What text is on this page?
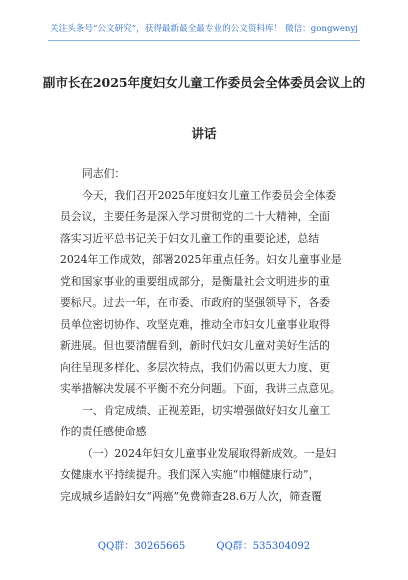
关注头条号“公文研究”，获得最新最全最专业的公文资料库！ 微信：gongwenyj
副市长在2025年度妇女儿童工作委员会全体委员会议上的
讲话
同志们：
今天，我们召开2025年度妇女儿童工作委员会全体委
员会议，主要任务是深入学习贯彻党的二十大精神，全面
落实习近平总书记关于妇女儿童工作的重要论述，总结
2024年工作成效，部署2025年重点任务。妇女儿童事业是
党和国家事业的重要组成部分，是衡量社会文明进步的重
要标尺。过去一年，在市委、市政府的坚强领导下，各委
员单位密切协作、攻坚克难，推动全市妇女儿童事业取得
新进展。但也要清醒看到，新时代妇女儿童对美好生活的
向往呈现多样化、多层次特点，我们仍需以更大力度、更
实举措解决发展不平衡不充分问题。下面，我讲三点意见。
一、肯定成绩、正视差距，切实增强做好妇女儿童工
作的责任感使命感
（一）2024年妇女儿童事业发展取得新成效。一是妇
女健康水平持续提升。我们深入实施“巾帼健康行动”，
完成城乡适龄妇女“两癌”免费筛查28.6万人次，筛查覆
QQ群：30265665	QQ群：535304092
